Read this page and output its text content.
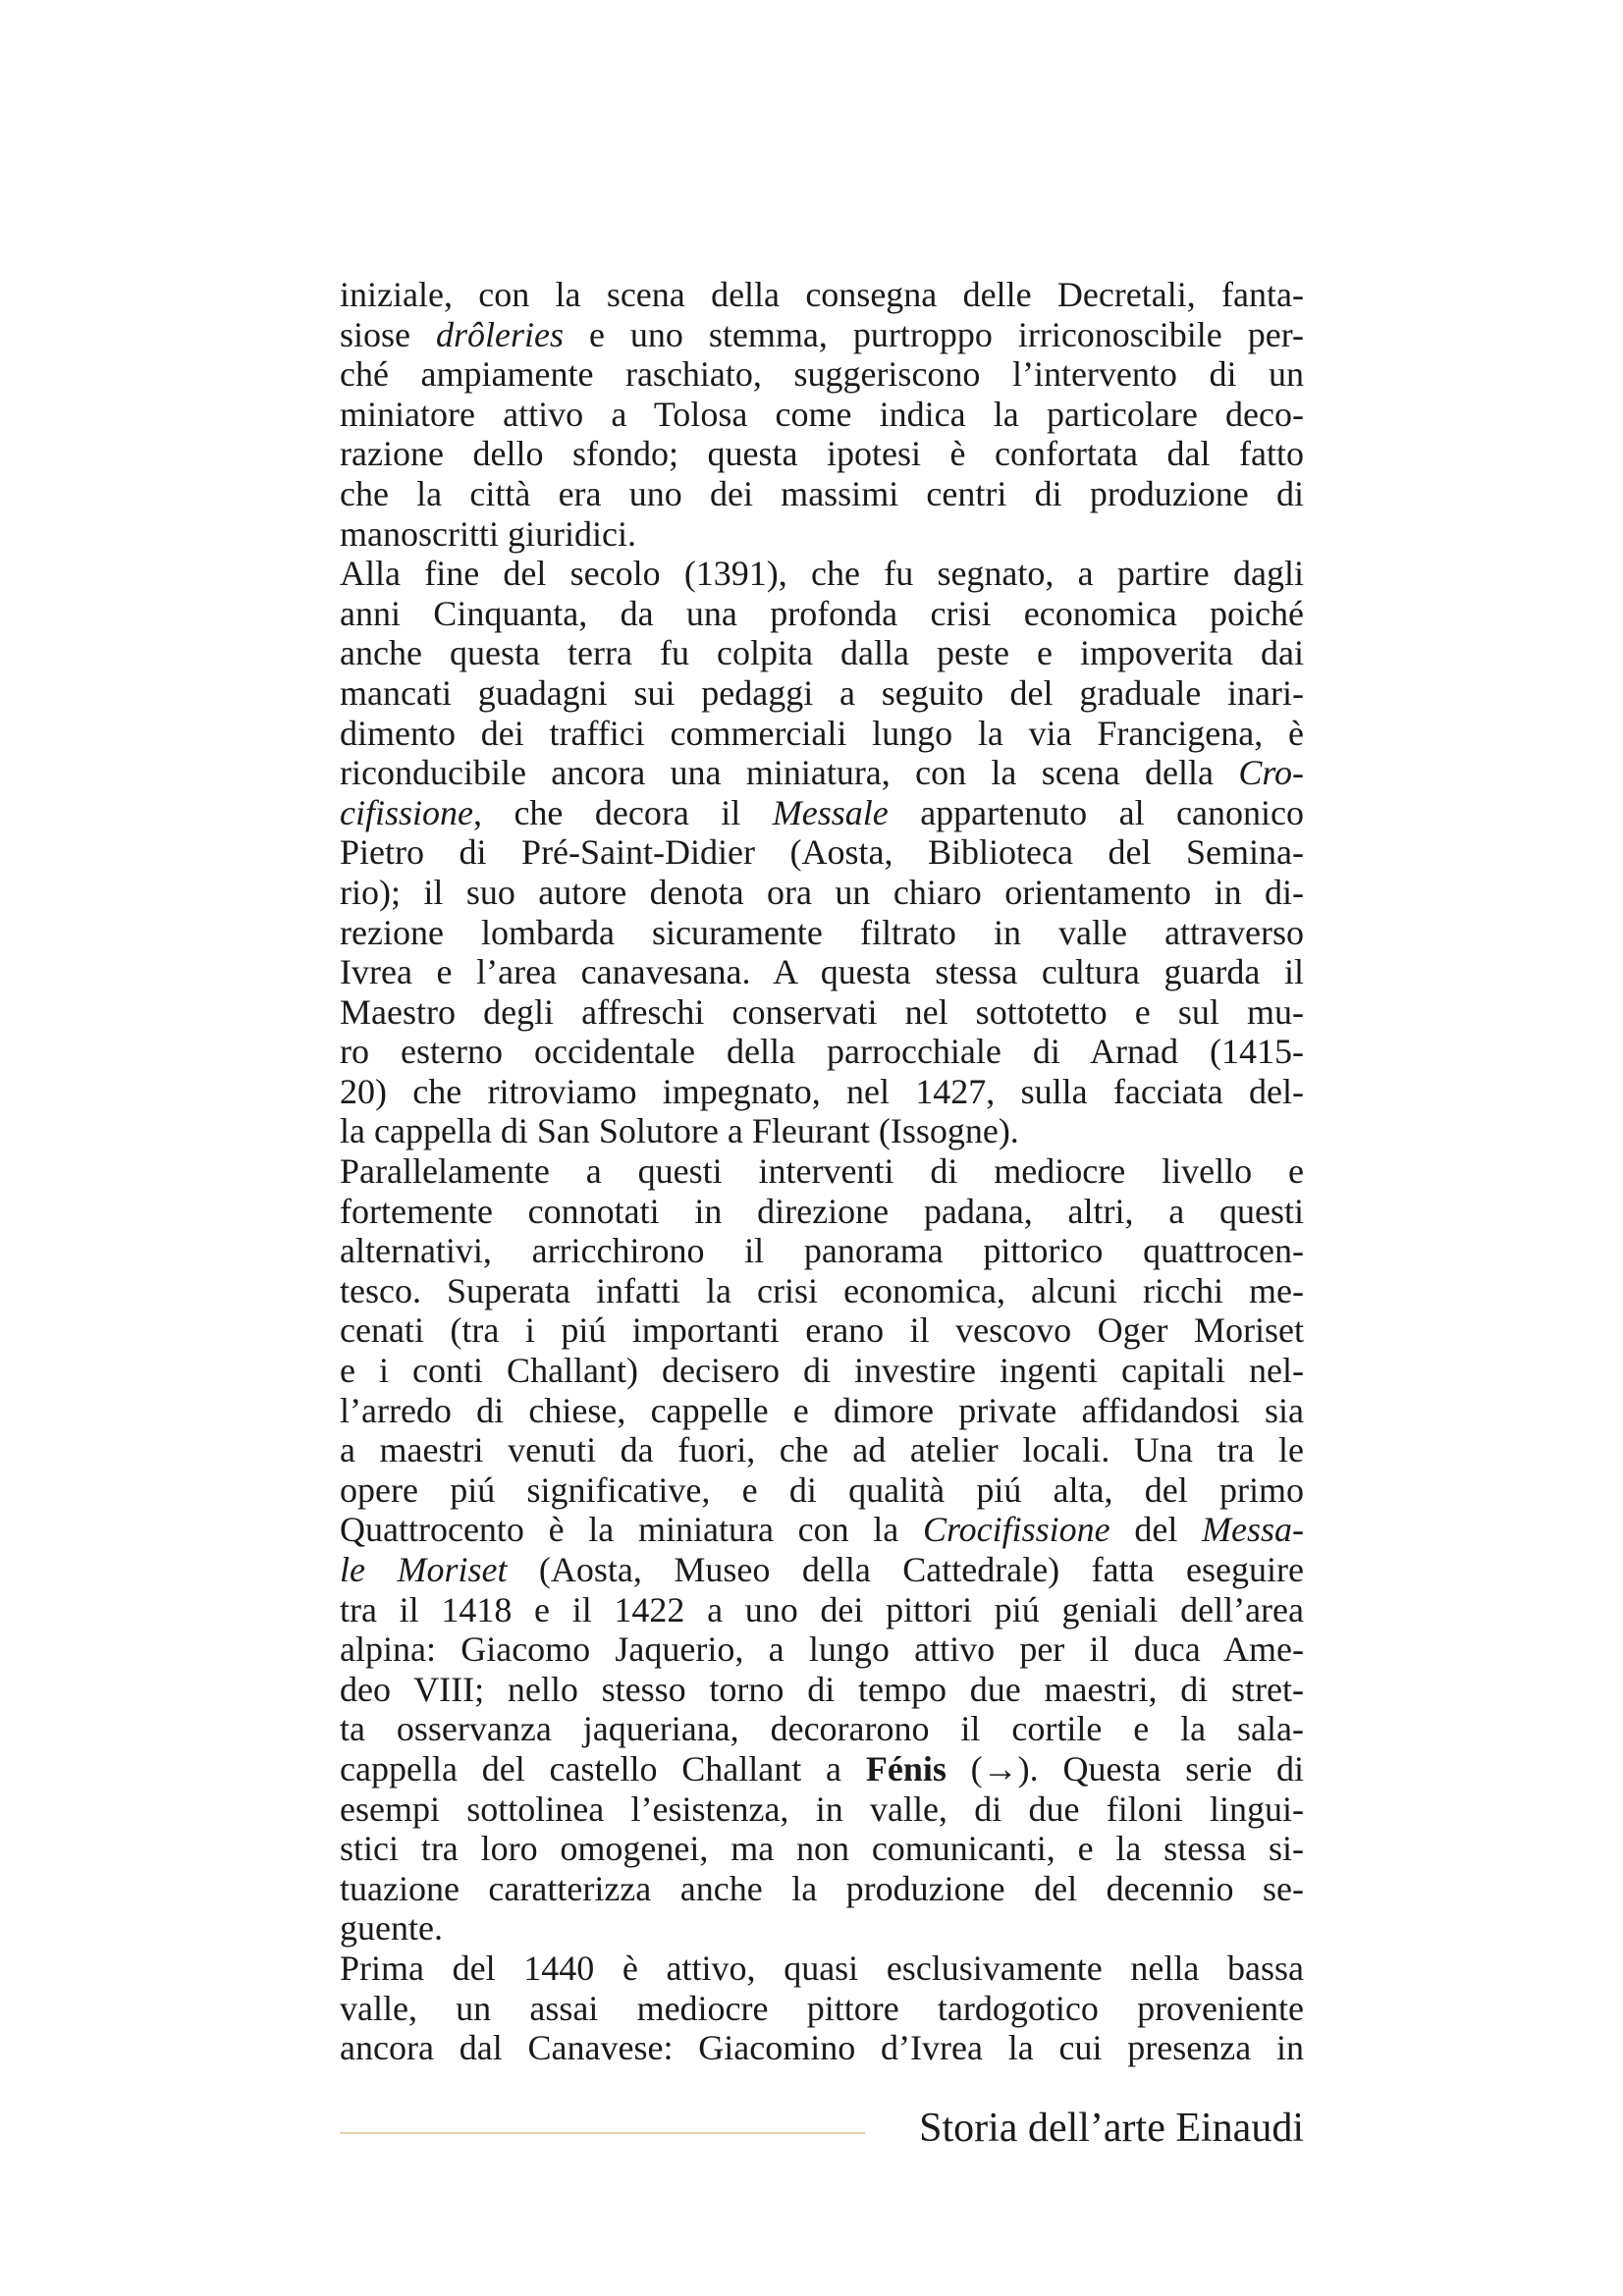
iniziale, con la scena della consegna delle Decretali, fanta-
siose drôleries e uno stemma, purtroppo irriconoscibile per-
ché ampiamente raschiato, suggeriscono l’intervento di un
miniatore attivo a Tolosa come indica la particolare deco-
razione dello sfondo; questa ipotesi è confortata dal fatto
che la città era uno dei massimi centri di produzione di
manoscritti giuridici.
Alla fine del secolo (1391), che fu segnato, a partire dagli
anni Cinquanta, da una profonda crisi economica poiché
anche questa terra fu colpita dalla peste e impoverita dai
mancati guadagni sui pedaggi a seguito del graduale inari-
dimento dei traffici commerciali lungo la via Francigena, è
riconducibile ancora una miniatura, con la scena della Cro-
cifissione, che decora il Messale appartenuto al canonico
Pietro di Pré-Saint-Didier (Aosta, Biblioteca del Semina-
rio); il suo autore denota ora un chiaro orientamento in di-
rezione lombarda sicuramente filtrato in valle attraverso
Ivrea e l’area canavesana. A questa stessa cultura guarda il
Maestro degli affreschi conservati nel sottotetto e sul mu-
ro esterno occidentale della parrocchiale di Arnad (1415-
20) che ritroviamo impegnato, nel 1427, sulla facciata del-
la cappella di San Solutore a Fleurant (Issogne).
Parallelamente a questi interventi di mediocre livello e
fortemente connotati in direzione padana, altri, a questi
alternativi, arricchirono il panorama pittorico quattrocen-
tesco. Superata infatti la crisi economica, alcuni ricchi me-
cenati (tra i piú importanti erano il vescovo Oger Moriset
e i conti Challant) decisero di investire ingenti capitali nel-
l’arredo di chiese, cappelle e dimore private affidandosi sia
a maestri venuti da fuori, che ad atelier locali. Una tra le
opere piú significative, e di qualità piú alta, del primo
Quattrocento è la miniatura con la Crocifissione del Messa-
le Moriset (Aosta, Museo della Cattedrale) fatta eseguire
tra il 1418 e il 1422 a uno dei pittori piú geniali dell’area
alpina: Giacomo Jaquerio, a lungo attivo per il duca Ame-
deo VIII; nello stesso torno di tempo due maestri, di stret-
ta osservanza jaqueriana, decorarono il cortile e la sala-
cappella del castello Challant a Fénis (→). Questa serie di
esempi sottolinea l’esistenza, in valle, di due filoni lingui-
stici tra loro omogenei, ma non comunicanti, e la stessa si-
tuazione caratterizza anche la produzione del decennio se-
guente.
Prima del 1440 è attivo, quasi esclusivamente nella bassa
valle, un assai mediocre pittore tardogotico proveniente
ancora dal Canavese: Giacomino d’Ivrea la cui presenza in
Storia dell’arte Einaudi
